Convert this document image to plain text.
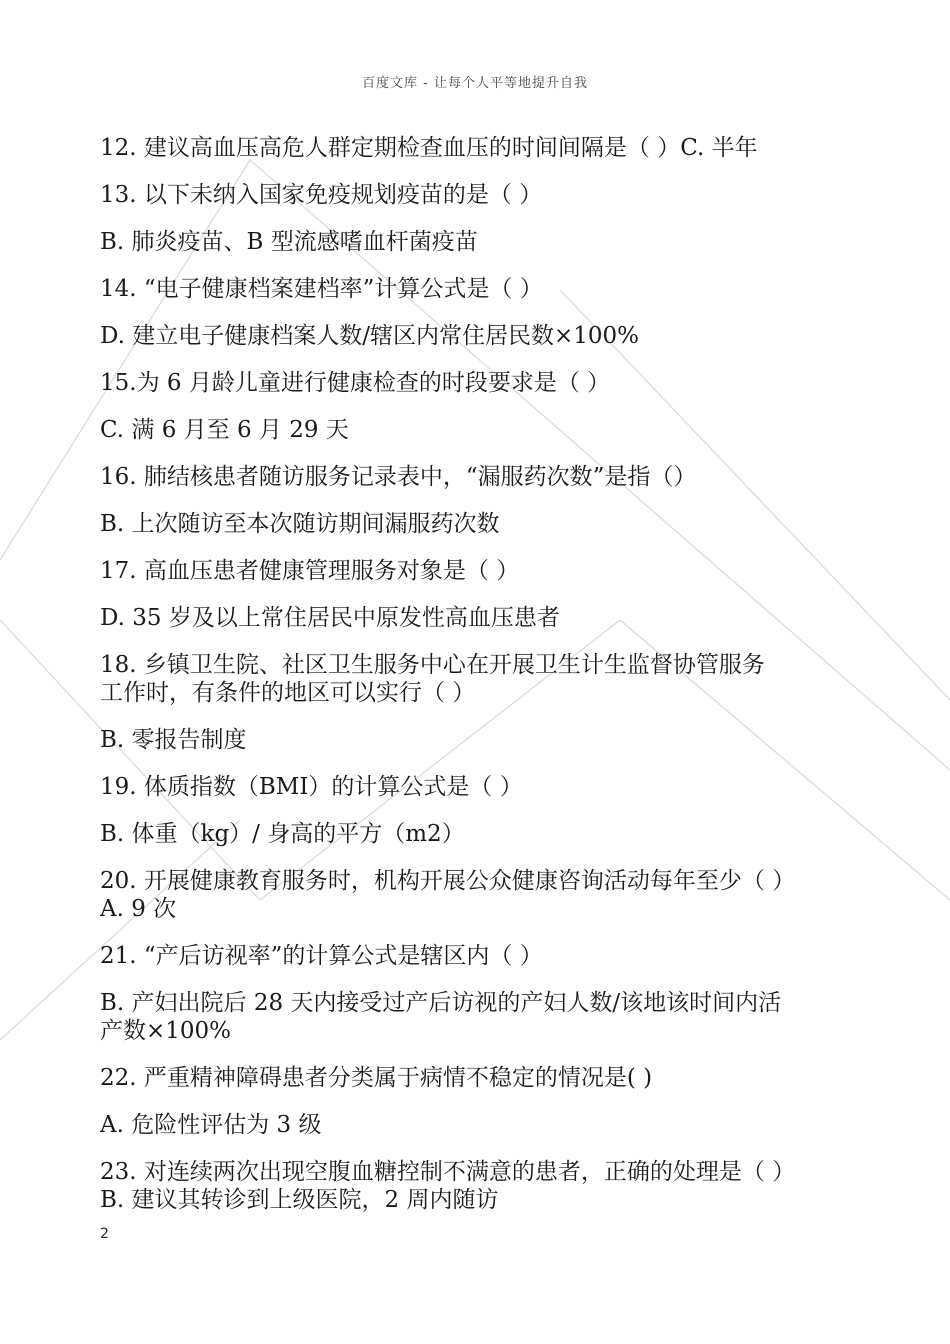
百度文库 - 让每个人平等地提升自我
12. 建议高血压高危人群定期检查血压的时间间隔是（ ）C. 半年
13. 以下未纳入国家免疫规划疫苗的是（ ）
B. 肺炎疫苗、B 型流感嗜血杆菌疫苗
14. “电子健康档案建档率”计算公式是（ ）
D. 建立电子健康档案人数/辖区内常住居民数×100%
15.为 6 月龄儿童进行健康检查的时段要求是（ ）
C. 满 6 月至 6 月 29 天
16. 肺结核患者随访服务记录表中，“漏服药次数”是指（）
B. 上次随访至本次随访期间漏服药次数
17. 高血压患者健康管理服务对象是（ ）
D. 35 岁及以上常住居民中原发性高血压患者
18. 乡镇卫生院、社区卫生服务中心在开展卫生计生监督协管服务
工作时，有条件的地区可以实行（ ）
B. 零报告制度
19. 体质指数（BMI）的计算公式是（ ）
B. 体重（kg）/ 身高的平方（m2）
20. 开展健康教育服务时，机构开展公众健康咨询活动每年至少（ ）
A. 9 次
21. “产后访视率”的计算公式是辖区内（ ）
B. 产妇出院后 28 天内接受过产后访视的产妇人数/该地该时间内活
产数×100%
22. 严重精神障碍患者分类属于病情不稳定的情况是( )
A. 危险性评估为 3 级
23. 对连续两次出现空腹血糖控制不满意的患者，正确的处理是（ ）
B. 建议其转诊到上级医院，2 周内随访
2
